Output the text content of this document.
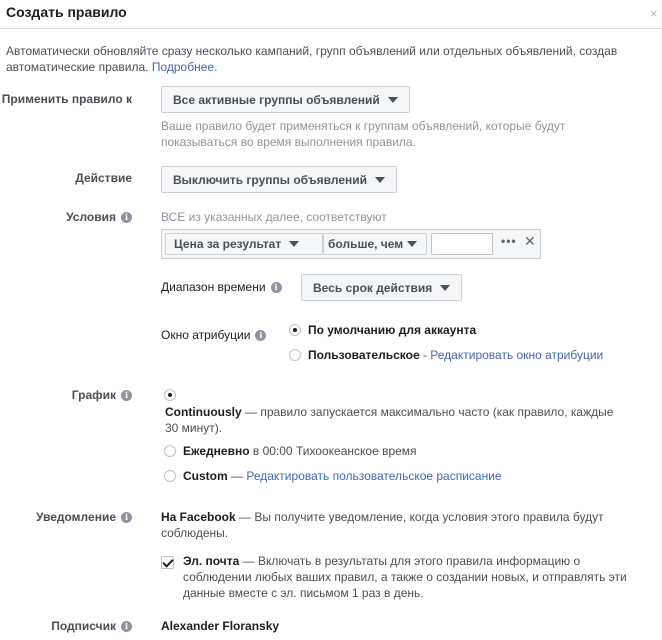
Создать правило	×
Автоматически обновляйте сразу несколько кампаний, групп объявлений или отдельных объявлений, создав
автоматические правила. Подробнее.
Применить правило к	Все активные группы объявлений
Ваше правило будет применяться к группам объявлений, которые будут
показываться во время выполнения правила.
Действие	Выключить группы объявлений
Условия	i	ВСЕ из указанных далее, соответствуют
Цена за результат	больше, чем	••• ✕
Диапазон времени	i	Весь срок действия
Окно атрибуции	i	По умолчанию для аккаунта
Пользовательское - Редактировать окно атрибуции
График	i
Continuously — правило запускается максимально часто (как правило, каждые
30 минут).
Ежедневно в 00:00 Тихоокеанское время
Custom — Редактировать пользовательское расписание
Уведомление	i	На Facebook — Вы получите уведомление, когда условия этого правила будут
соблюдены.
Эл. почта — Включать в результаты для этого правила информацию о
соблюдении любых ваших правил, а также о создании новых, и отправлять эти
данные вместе с эл. письмом 1 раз в день.
Подписчик	i	Alexander Floransky
